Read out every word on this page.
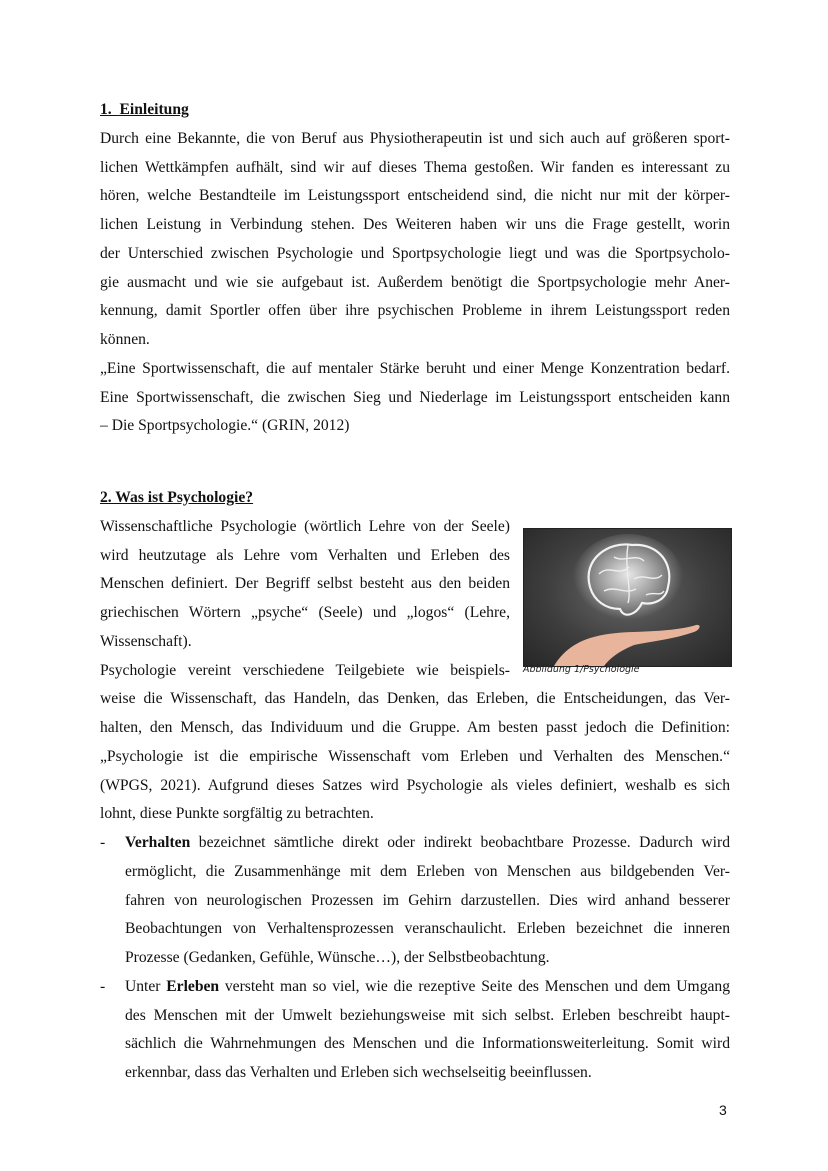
1.  Einleitung
Durch eine Bekannte, die von Beruf aus Physiotherapeutin ist und sich auch auf größeren sport-
lichen Wettkämpfen aufhält, sind wir auf dieses Thema gestoßen. Wir fanden es interessant zu
hören, welche Bestandteile im Leistungssport entscheidend sind, die nicht nur mit der körper-
lichen Leistung in Verbindung stehen. Des Weiteren haben wir uns die Frage gestellt, worin
der Unterschied zwischen Psychologie und Sportpsychologie liegt und was die Sportpsycholo-
gie ausmacht und wie sie aufgebaut ist. Außerdem benötigt die Sportpsychologie mehr Aner-
kennung, damit Sportler offen über ihre psychischen Probleme in ihrem Leistungssport reden
können.
„Eine Sportwissenschaft, die auf mentaler Stärke beruht und einer Menge Konzentration bedarf.
Eine Sportwissenschaft, die zwischen Sieg und Niederlage im Leistungssport entscheiden kann
– Die Sportpsychologie.“ (GRIN, 2012)
2. Was ist Psychologie?
Wissenschaftliche Psychologie (wörtlich Lehre von der Seele)
wird heutzutage als Lehre vom Verhalten und Erleben des
Menschen definiert. Der Begriff selbst besteht aus den beiden
griechischen Wörtern „psyche“ (Seele) und „logos“ (Lehre,
Wissenschaft).
Psychologie vereint verschiedene Teilgebiete wie beispiels-
weise die Wissenschaft, das Handeln, das Denken, das Erleben, die Entscheidungen, das Ver-
halten, den Mensch, das Individuum und die Gruppe. Am besten passt jedoch die Definition:
„Psychologie ist die empirische Wissenschaft vom Erleben und Verhalten des Menschen.“
(WPGS, 2021). Aufgrund dieses Satzes wird Psychologie als vieles definiert, weshalb es sich
lohnt, diese Punkte sorgfältig zu betrachten.
- Verhalten bezeichnet sämtliche direkt oder indirekt beobachtbare Prozesse. Dadurch wird
ermöglicht, die Zusammenhänge mit dem Erleben von Menschen aus bildgebenden Ver-
fahren von neurologischen Prozessen im Gehirn darzustellen. Dies wird anhand besserer
Beobachtungen von Verhaltensprozessen veranschaulicht. Erleben bezeichnet die inneren
Prozesse (Gedanken, Gefühle, Wünsche…), der Selbstbeobachtung.
- Unter Erleben versteht man so viel, wie die rezeptive Seite des Menschen und dem Umgang
des Menschen mit der Umwelt beziehungsweise mit sich selbst. Erleben beschreibt haupt-
sächlich die Wahrnehmungen des Menschen und die Informationsweiterleitung. Somit wird
erkennbar, dass das Verhalten und Erleben sich wechselseitig beeinflussen.
Abbildung 1/Psychologie
3
